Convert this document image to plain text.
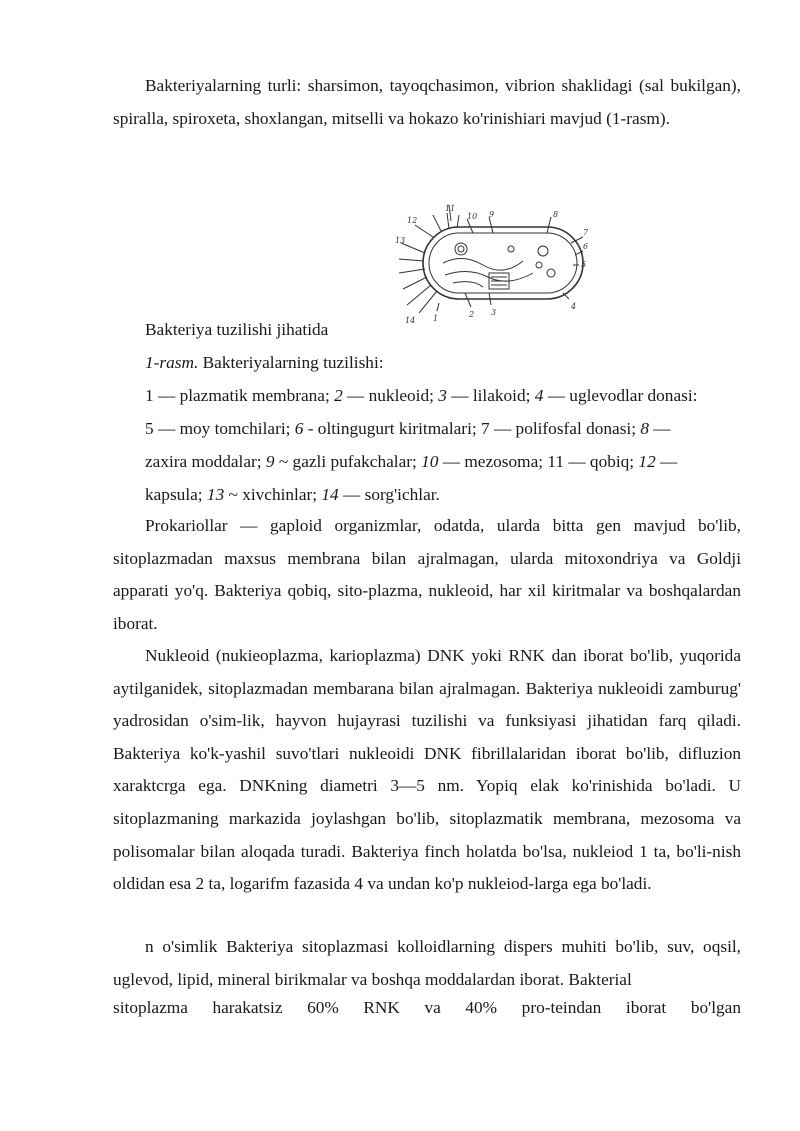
Bakteriyalarning turli: sharsimon, tayoqchasimon, vibrion shaklidagi (sal bukilgan), spiralla, spiroxeta, shoxlangan, mitselli va hokazo ko'rinishiari mavjud (1-rasm).

11
12	10 9	8
7
6
5
13
14 1	2 3
4

Bakteriya tuzilishi jihatida

1-rasm. Bakteriyalarning tuzilishi:

1 — plazmatik membrana; 2 — nukleoid; 3 — lilakoid; 4 — uglevodlar donasi:

5 — moy tomchilari; 6 - oltingugurt kiritmalari; 7 — polifosfal donasi; 8 —

zaxira moddalar; 9 ~ gazli pufakchalar; 10 — mezosoma; 11 — qobiq; 12 —

kapsula; 13 ~ xivchinlar; 14 — sorg'ichlar.

Prokariollar — gaploid organizmlar, odatda, ularda bitta gen mavjud bo'lib, sitoplazmadan maxsus membrana bilan ajralmagan, ularda mitoxondriya va Goldji apparati yo'q. Bakteriya qobiq, sito-plazma, nukleoid, har xil kiritmalar va boshqalardan iborat.

Nukleoid (nukieoplazma, karioplazma) DNK yoki RNK dan iborat bo'lib, yuqorida aytilganidek, sitoplazmadan membarana bilan ajralmagan. Bakteriya nukleoidi zamburug' yadrosidan o'sim-lik, hayvon hujayrasi tuzilishi va funksiyasi jihatidan farq qiladi. Bakteriya ko'k-yashil suvo'tlari nukleoidi DNK fibrillalaridan iborat bo'lib, difluzion xaraktcrga ega. DNKning diametri 3—5 nm. Yopiq elak ko'rinishida bo'ladi. U sitoplazmaning markazida joylashgan bo'lib, sitoplazmatik membrana, mezosoma va polisomalar bilan aloqada turadi. Bakteriya finch holatda bo'lsa, nukleiod 1 ta, bo'li-nish oldidan esa 2 ta, logarifm fazasida 4 va undan ko'p nukleiod-larga ega bo'ladi.

n o'simlik Bakteriya sitoplazmasi kolloidlarning dispers muhiti bo'lib, suv, oqsil, uglevod, lipid, mineral birikmalar va boshqa moddalardan iborat. Bakterial

sitoplazma harakatsiz 60% RNK va 40% pro-teindan iborat bo'lgan
